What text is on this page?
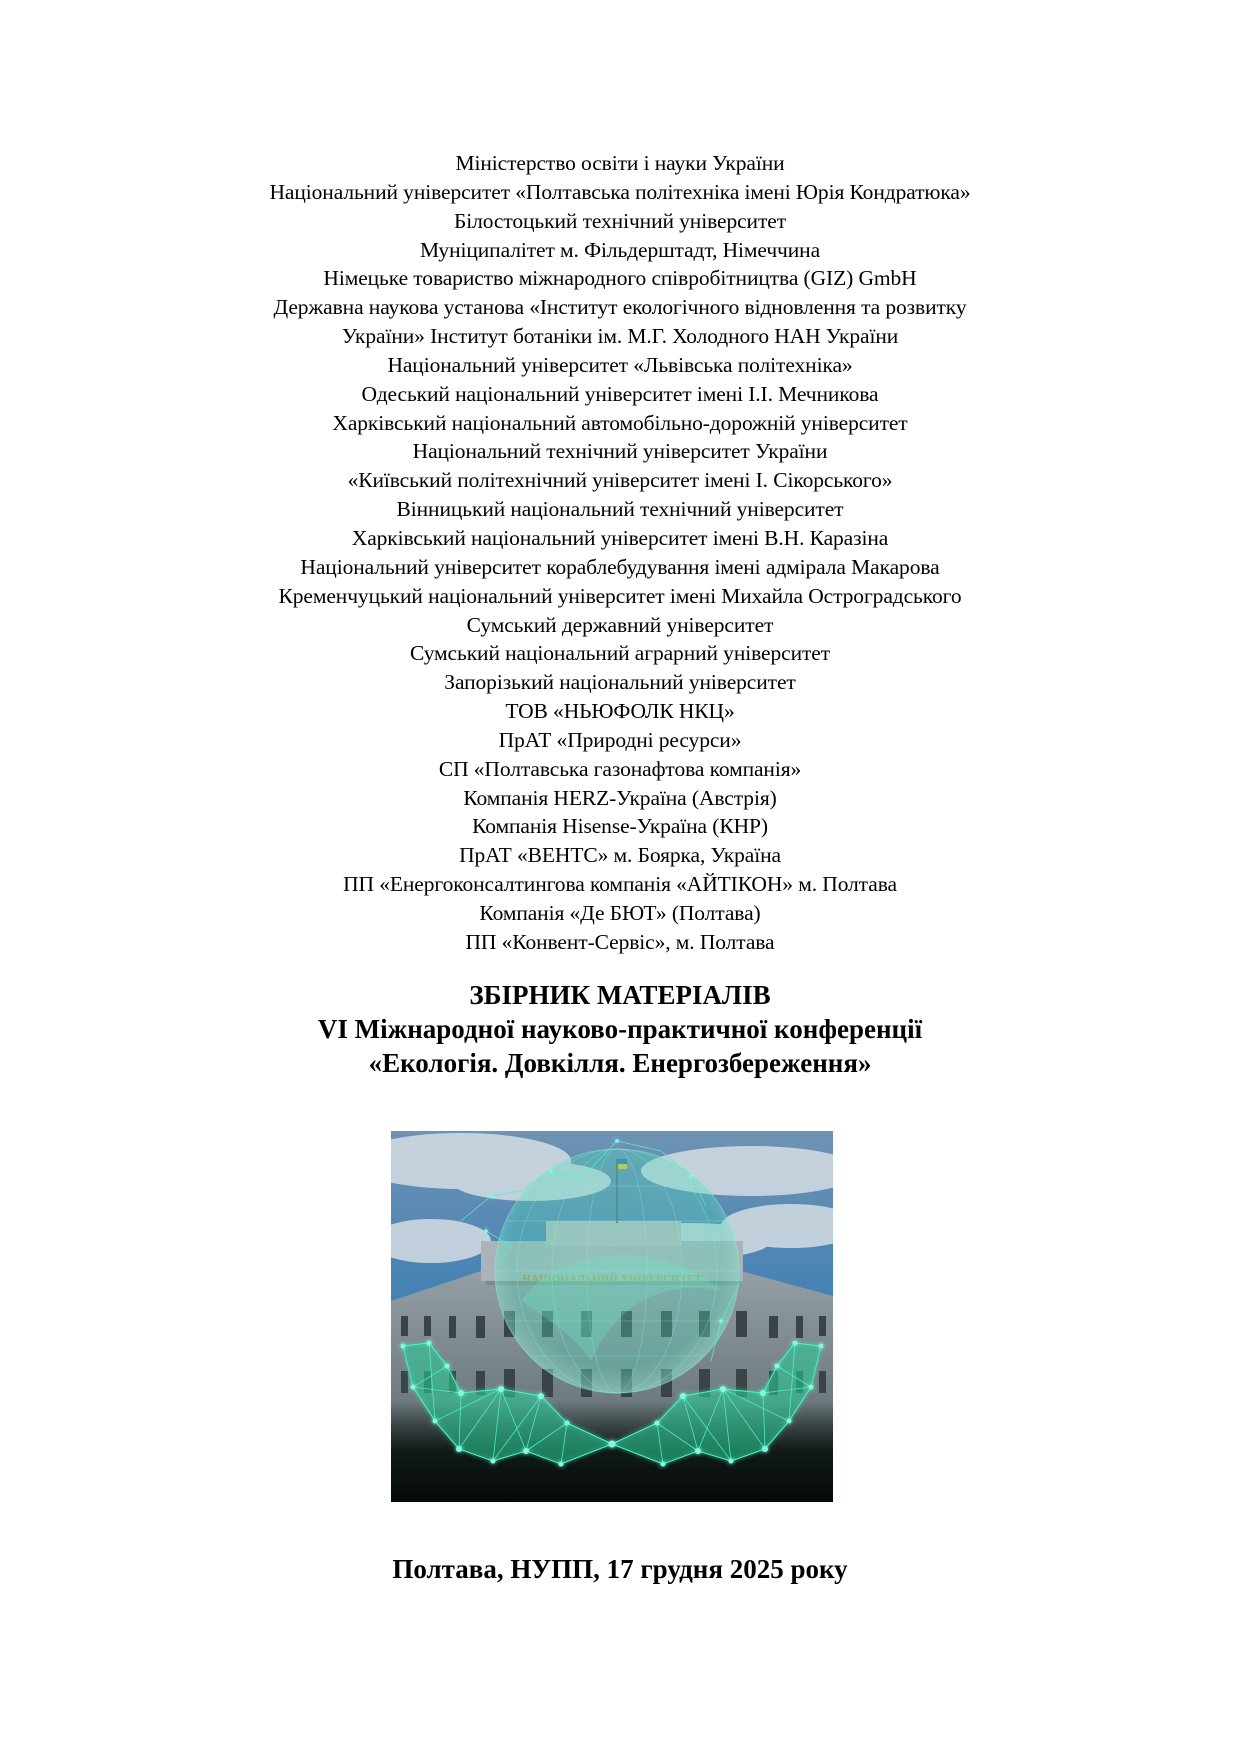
Міністерство освіти і науки України
Національний університет «Полтавська політехніка імені Юрія Кондратюка»
Білостоцький технічний університет
Муніципалітет м. Фільдерштадт, Німеччина
Німецьке товариство міжнародного співробітництва (GIZ) GmbH
Державна наукова установа «Інститут екологічного відновлення та розвитку
України» Інститут ботаніки ім. М.Г. Холодного НАН України
Національний університет «Львівська політехніка»
Одеський національний університет імені І.І. Мечникова
Харківський національний автомобільно-дорожній університет
Національний технічний університет України
«Київський політехнічний університет імені І. Сікорського»
Вінницький національний технічний університет
Харківський національний університет імені В.Н. Каразіна
Національний університет кораблебудування імені адмірала Макарова
Кременчуцький національний університет імені Михайла Остроградського
Сумський державний університет
Сумський національний аграрний університет
Запорізький національний університет
ТОВ «НЬЮФОЛК НКЦ»
ПрАТ «Природні ресурси»
СП «Полтавська газонафтова компанія»
Компанія HERZ-Україна (Австрія)
Компанія Hisense-Україна (КНР)
ПрАТ «ВЕНТС» м. Боярка, Україна
ПП «Енергоконсалтингова компанія «АЙТІКОН» м. Полтава
Компанія «Де БЮТ» (Полтава)
ПП «Конвент-Сервіс», м. Полтава
ЗБІРНИК МАТЕРІАЛІВ
VI Міжнародної науково-практичної конференції
«Екологія. Довкілля. Енергозбереження»
Полтава, НУПП, 17 грудня 2025 року
